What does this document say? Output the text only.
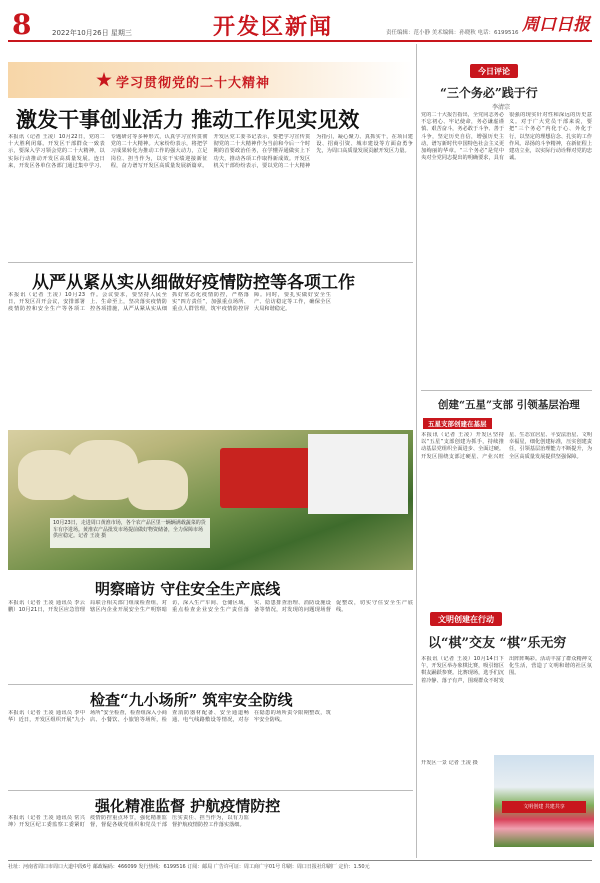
8	2022年10月26日 星期三	开发区新闻	责任编辑：范小静 美术编辑：孙晓秋 电话：6199516 周口日报
学习贯彻党的二十大精神
激发干事创业活力 推动工作见实见效
本报讯（记者 王凌）10月22日，党的二十大胜利闭幕。开发区干部群众一致表示，要深入学习领会党的二十大精神，以实际行动推动开发区高质量发展。连日来，开发区各单位各部门通过集中学习、专题研讨等多种形式，认真学习宣传贯彻党的二十大精神。大家纷纷表示，将把学习成果转化为推动工作的强大动力，立足岗位、担当作为，以实干实绩迎接新征程，奋力谱写开发区高质量发展新篇章。开发区党工委书记表示，要把学习宣传贯彻党的二十大精神作为当前和今后一个时期的首要政治任务，在学懂弄通做实上下功夫，推动各项工作取得新成效。开发区机关干部纷纷表示，要以党的二十大精神为指引，凝心聚力、真抓实干，在项目建设、招商引资、城市建设等方面奋勇争先，为周口高质量发展贡献开发区力量。
从严从紧从实从细做好疫情防控等各项工作
本报讯（记者 王凌）10月23日，开发区召开会议，安排部署疫情防控和安全生产等各项工作。会议要求，要坚持人民至上、生命至上，坚决落实疫情防控各项措施，从严从紧从实从细抓好常态化疫情防控，严格落实“四方责任”，加强重点场所、重点人群管理，筑牢疫情防控屏障。同时，要扎实做好安全生产、信访稳定等工作，确保全区大局和谐稳定。
10月23日，走进周口黄淮市场，各个农产品区里一辆辆满载蔬菜的货车有序进场。黄淮农产品批发市场提前做好物资储备，全力保障市场供应稳定。记者 王凌 摄
明察暗访 守住安全生产底线
本报讯（记者 王凌 通讯员 李云鹏）10月21日，开发区应急管理局联合相关部门组成检查组，对辖区内企业开展安全生产明察暗访，深入生产车间、仓储区域，重点检查企业安全生产责任落实、隐患排查治理、消防设施设备等情况，对发现的问题现场督促整改，切实守住安全生产底线。
检查“九小场所” 筑牢安全防线
本报讯（记者 王凌 通讯员 李中华）近日，开发区组织开展“九小场所”安全检查，检查组深入小商店、小餐饮、小旅馆等场所，检查消防器材配备、安全通道畅通、电气线路敷设等情况，对存在隐患的场所责令限期整改，筑牢安全防线。
强化精准监督 护航疫情防控
本报讯（记者 王凌 通讯员 常兴坤）开发区纪工委监察工委紧盯疫情防控重点环节，强化精准监督，督促各级党组织和党员干部压实责任、担当作为，以有力监督护航疫情防控工作落实落细。
今日评论
“三个务必”践于行
李清宗
党的二十大报告指出，全党同志务必不忘初心、牢记使命，务必谦虚谨慎、艰苦奋斗，务必敢于斗争、善于斗争，坚定历史自信，增强历史主动，谱写新时代中国特色社会主义更加绚丽的华章。“三个务必”是党中央对全党同志提出的明确要求，具有很强的现实针对性和深远的历史意义。对于广大党员干部来说，要把“三个务必”内化于心、外化于行，以坚定的理想信念、扎实的工作作风、昂扬的斗争精神，在新征程上建功立业，以实际行动诠释对党的忠诚。
创建“五星”支部 引领基层治理
五星支部创建在基层
本报讯（记者 王凌）开发区坚持以“五星”支部创建为抓手，持续推动基层党组织全面进步、全面过硬。开发区围绕支部过硬星、产业兴旺星、生态宜居星、平安法治星、文明幸福星，细化创建标准，压实创建责任，引领基层治理能力不断提升，为全区高质量发展提供坚强保障。
文明创建在行动
以“棋”交友 “棋”乐无穷
本报讯（记者 王凌）10月14日下午，开发区举办象棋比赛，吸引辖区棋友踊跃参赛。比赛现场，选手们沉着冷静、落子有声，围观群众不时发出阵阵喝彩。活动丰富了群众精神文化生活，营造了文明和谐的社区氛围。
文明创建 共建共享
开发区一景 记者 王凌 摄
社址：河南省周口市周口大道中段6号 邮政编码：466099 发行热线：6199516 订阅：邮局 广告许可证：周工商广字01号 印刷：周口日报社印刷厂 定价：1.50元
